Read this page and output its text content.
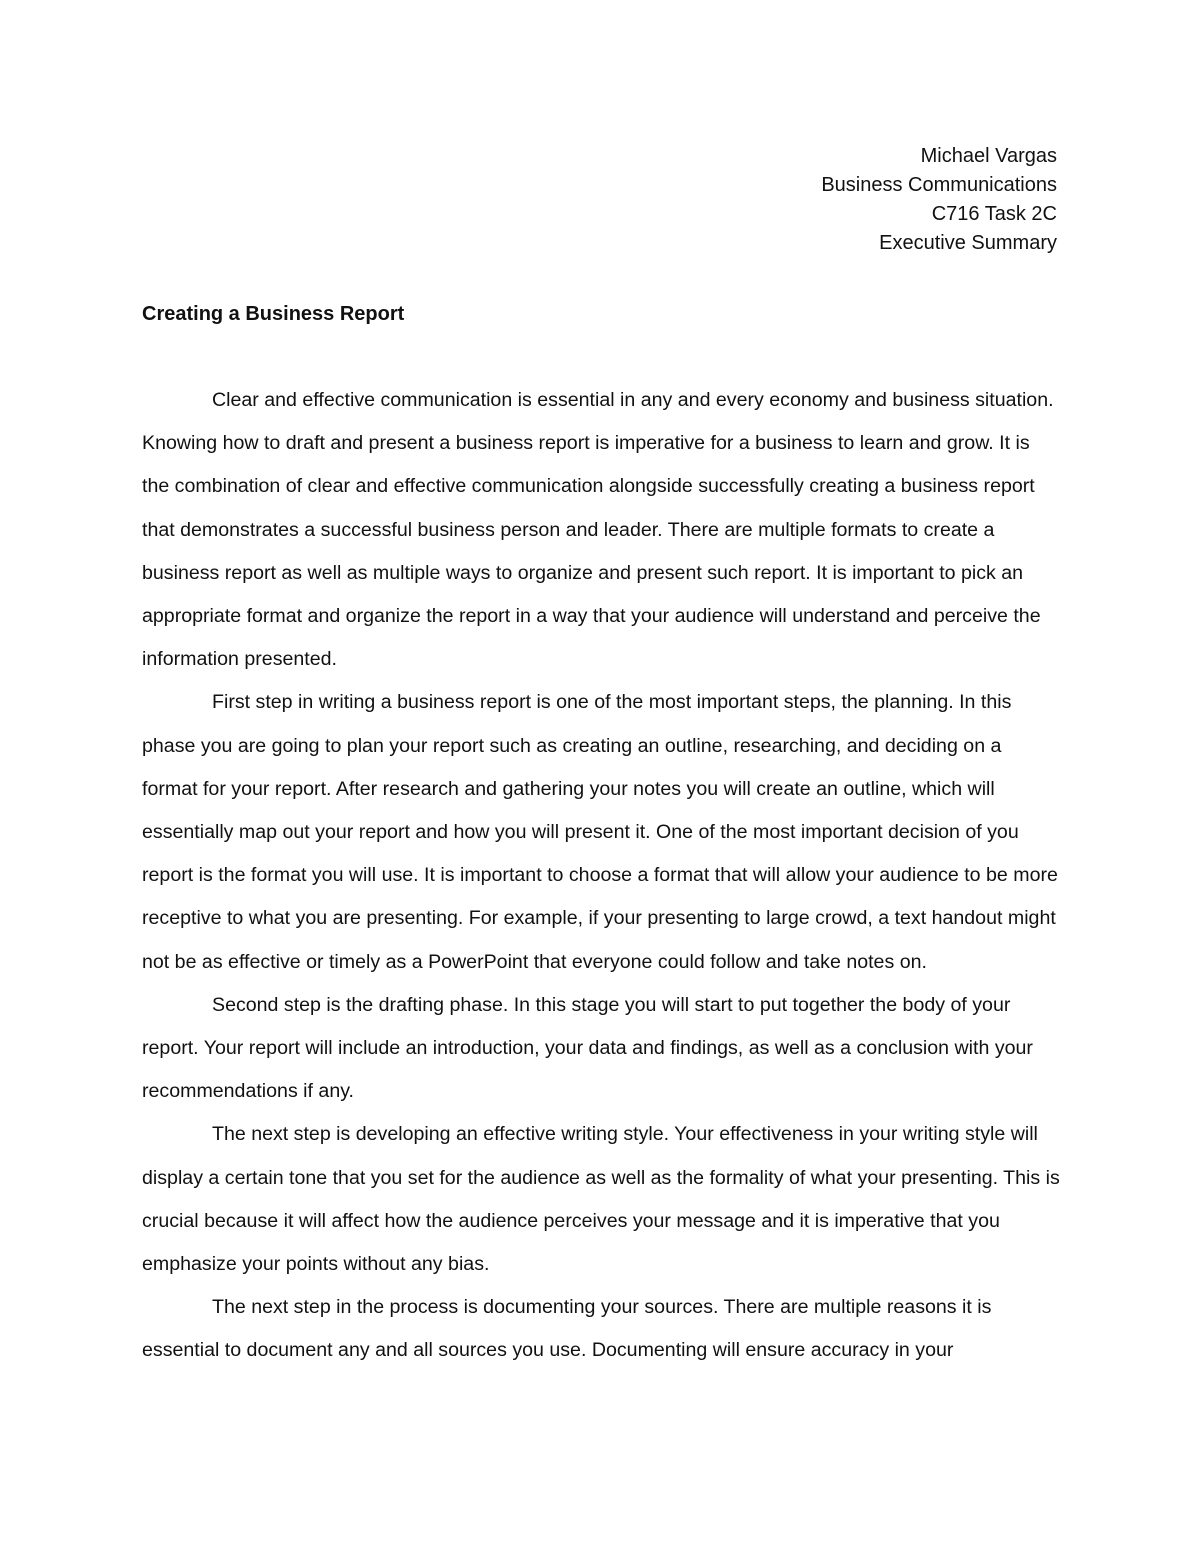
Michael Vargas
Business Communications
C716 Task 2C
Executive Summary
Creating a Business Report

Clear and effective communication is essential in any and every economy and business situation. Knowing how to draft and present a business report is imperative for a business to learn and grow. It is the combination of clear and effective communication alongside successfully creating a business report that demonstrates a successful business person and leader. There are multiple formats to create a business report as well as multiple ways to organize and present such report. It is important to pick an appropriate format and organize the report in a way that your audience will understand and perceive the information presented.

First step in writing a business report is one of the most important steps, the planning. In this phase you are going to plan your report such as creating an outline, researching, and deciding on a format for your report. After research and gathering your notes you will create an outline, which will essentially map out your report and how you will present it. One of the most important decision of you report is the format you will use. It is important to choose a format that will allow your audience to be more receptive to what you are presenting. For example, if your presenting to large crowd, a text handout might not be as effective or timely as a PowerPoint that everyone could follow and take notes on.

Second step is the drafting phase. In this stage you will start to put together the body of your report. Your report will include an introduction, your data and findings, as well as a conclusion with your recommendations if any.

The next step is developing an effective writing style. Your effectiveness in your writing style will display a certain tone that you set for the audience as well as the formality of what your presenting. This is crucial because it will affect how the audience perceives your message and it is imperative that you emphasize your points without any bias.

The next step in the process is documenting your sources. There are multiple reasons it is essential to document any and all sources you use. Documenting will ensure accuracy in your
